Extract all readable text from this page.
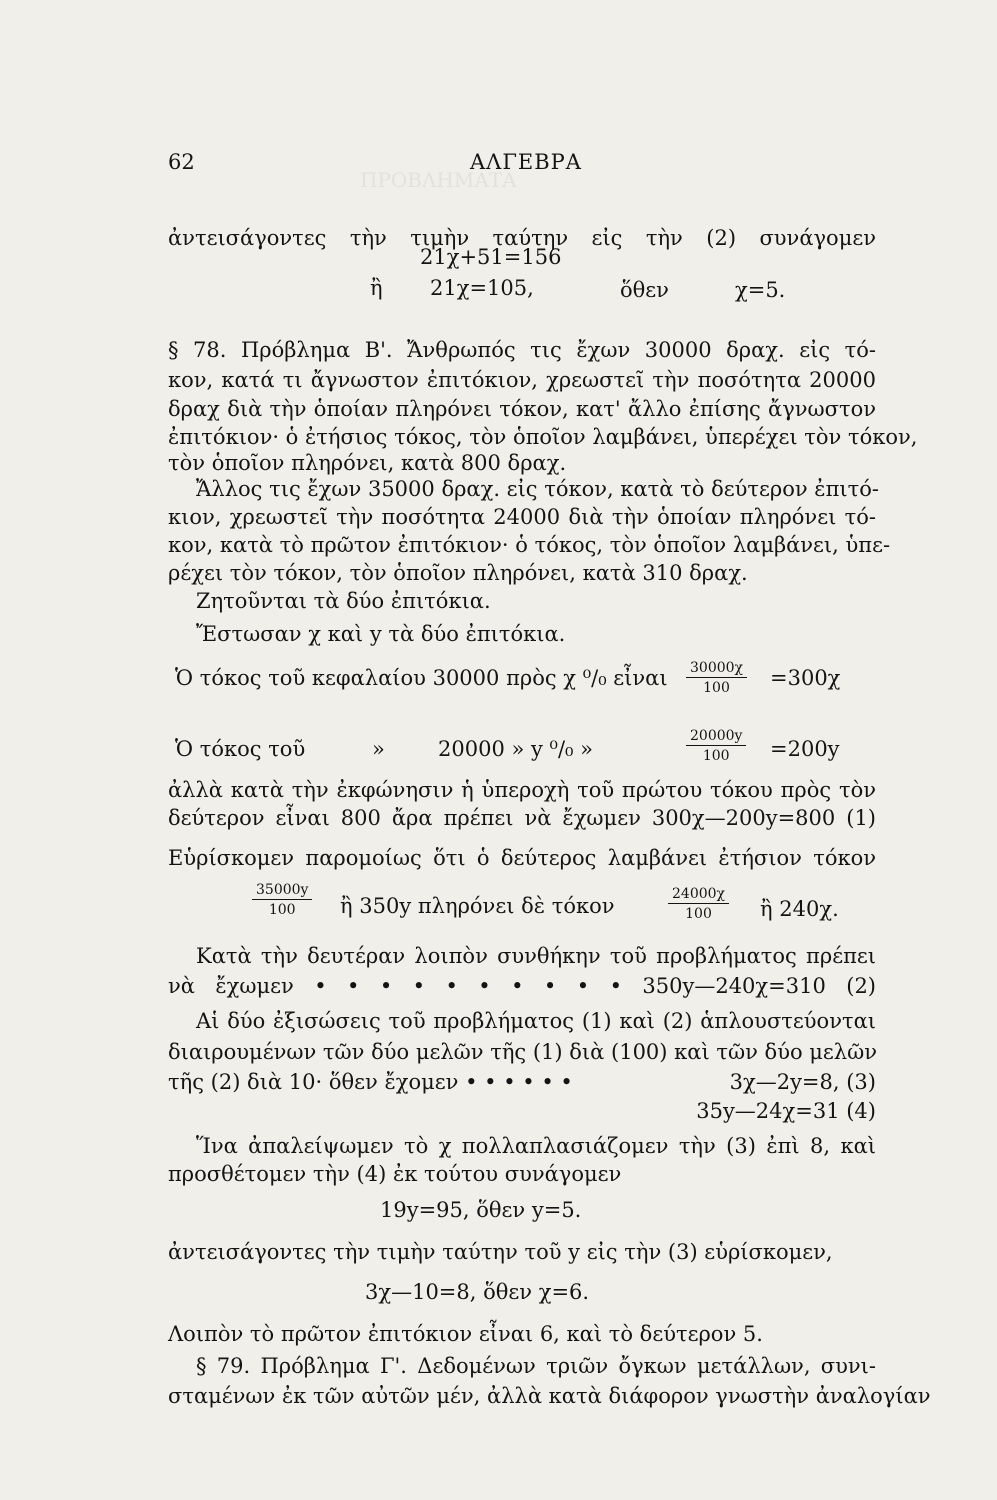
ΠΡΟΒΛΗΜΑΤΑ
62	ΑΛΓΕΒΡΑ
ἀντεισάγοντες τὴν τιμὴν ταύτην εἰς τὴν (2) συνάγομεν
21χ+51=156
ἢ 21χ=105,	ὅθεν	χ=5.
§ 78. Πρόβλημα Β'. Ἄνθρωπός τις ἔχων 30000 δραχ. εἰς τό-
κον, κατά τι ἄγνωστον ἐπιτόκιον, χρεωστεῖ τὴν ποσότητα 20000
δραχ διὰ τὴν ὁποίαν πληρόνει τόκον, κατ' ἄλλο ἐπίσης ἄγνωστον
ἐπιτόκιον· ὁ ἐτήσιος τόκος, τὸν ὁποῖον λαμβάνει, ὑπερέχει τὸν τόκον,
τὸν ὁποῖον πληρόνει, κατὰ 800 δραχ.
Ἄλλος τις ἔχων 35000 δραχ. εἰς τόκον, κατὰ τὸ δεύτερον ἐπιτό-
κιον, χρεωστεῖ τὴν ποσότητα 24000 διὰ τὴν ὁποίαν πληρόνει τό-
κον, κατὰ τὸ πρῶτον ἐπιτόκιον· ὁ τόκος, τὸν ὁποῖον λαμβάνει, ὑπε-
ρέχει τὸν τόκον, τὸν ὁποῖον πληρόνει, κατὰ 310 δραχ.
Ζητοῦνται τὰ δύο ἐπιτόκια.
Ἔστωσαν χ καὶ y τὰ δύο ἐπιτόκια.
Ὁ τόκος τοῦ κεφαλαίου 30000 πρὸς χ ⁰/₀ εἶναι $\frac{30000\chi}{100} =300\chi$
Ὁ τόκος τοῦ	»	20000 » y ⁰/₀ »	$\frac{20000y}{100} =200y$
ἀλλὰ κατὰ τὴν ἐκφώνησιν ἡ ὑπεροχὴ τοῦ πρώτου τόκου πρὸς τὸν
δεύτερον εἶναι 800 ἄρα πρέπει νὰ ἔχωμεν 300χ—200y=800 (1)
Εὑρίσκομεν παρομοίως ὅτι ὁ δεύτερος λαμβάνει ἐτήσιον τόκον
$\frac{35000y}{100}$ ἢ 350y πληρόνει δὲ τόκον	$\frac{24000\chi}{100}$ ἢ 240χ.
Κατὰ τὴν δευτέραν λοιπὸν συνθήκην τοῦ προβλήματος πρέπει
νὰ ἔχωμεν • • • • • • • • • • 350y—240χ=310 (2)
Αἱ δύο ἐξισώσεις τοῦ προβλήματος (1) καὶ (2) ἁπλουστεύονται
διαιρουμένων τῶν δύο μελῶν τῆς (1) διὰ (100) καὶ τῶν δύο μελῶν
τῆς (2) διὰ 10· ὅθεν ἔχομεν • • • • • •	3χ—2y=8, (3)
35y—24χ=31 (4)
Ἵνα ἀπαλείψωμεν τὸ χ πολλαπλασιάζομεν τὴν (3) ἐπὶ 8, καὶ
προσθέτομεν τὴν (4) ἐκ τούτου συνάγομεν
19y=95, ὅθεν y=5.
ἀντεισάγοντες τὴν τιμὴν ταύτην τοῦ y εἰς τὴν (3) εὑρίσκομεν,
3χ—10=8, ὅθεν χ=6.
Λοιπὸν τὸ πρῶτον ἐπιτόκιον εἶναι 6, καὶ τὸ δεύτερον 5.
§ 79. Πρόβλημα Γ'. Δεδομένων τριῶν ὄγκων μετάλλων, συνι-
σταμένων ἐκ τῶν αὐτῶν μέν, ἀλλὰ κατὰ διάφορον γνωστὴν ἀναλογίαν
